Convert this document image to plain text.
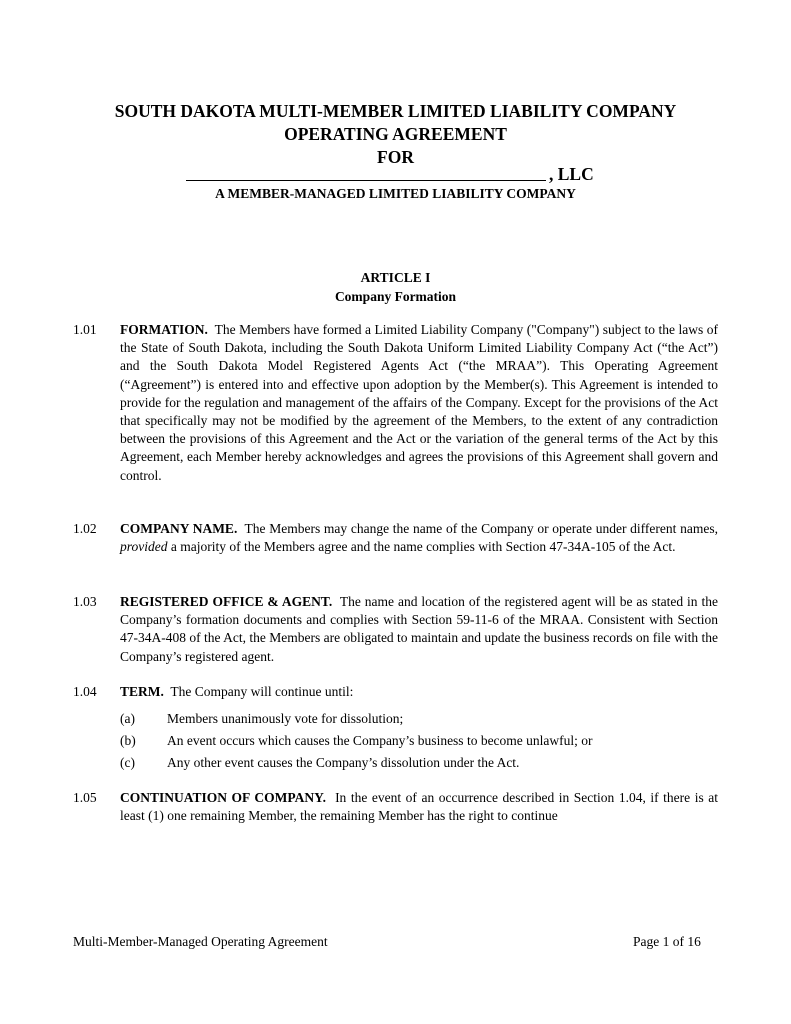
SOUTH DAKOTA MULTI-MEMBER LIMITED LIABILITY COMPANY
OPERATING AGREEMENT
FOR
, LLC
A MEMBER-MANAGED LIMITED LIABILITY COMPANY
ARTICLE I
Company Formation
1.01 FORMATION. The Members have formed a Limited Liability Company ("Company") subject to the laws of the State of South Dakota, including the South Dakota Uniform Limited Liability Company Act (“the Act”) and the South Dakota Model Registered Agents Act (“the MRAA”). This Operating Agreement (“Agreement”) is entered into and effective upon adoption by the Member(s). This Agreement is intended to provide for the regulation and management of the affairs of the Company. Except for the provisions of the Act that specifically may not be modified by the agreement of the Members, to the extent of any contradiction between the provisions of this Agreement and the Act or the variation of the general terms of the Act by this Agreement, each Member hereby acknowledges and agrees the provisions of this Agreement shall govern and control.
1.02 COMPANY NAME. The Members may change the name of the Company or operate under different names, provided a majority of the Members agree and the name complies with Section 47-34A-105 of the Act.
1.03 REGISTERED OFFICE & AGENT. The name and location of the registered agent will be as stated in the Company’s formation documents and complies with Section 59-11-6 of the MRAA. Consistent with Section 47-34A-408 of the Act, the Members are obligated to maintain and update the business records on file with the Company’s registered agent.
1.04 TERM. The Company will continue until:
(a) Members unanimously vote for dissolution;
(b) An event occurs which causes the Company’s business to become unlawful; or
(c) Any other event causes the Company’s dissolution under the Act.
1.05 CONTINUATION OF COMPANY. In the event of an occurrence described in Section 1.04, if there is at least (1) one remaining Member, the remaining Member has the right to continue
Multi-Member-Managed Operating Agreement	Page 1 of 16
